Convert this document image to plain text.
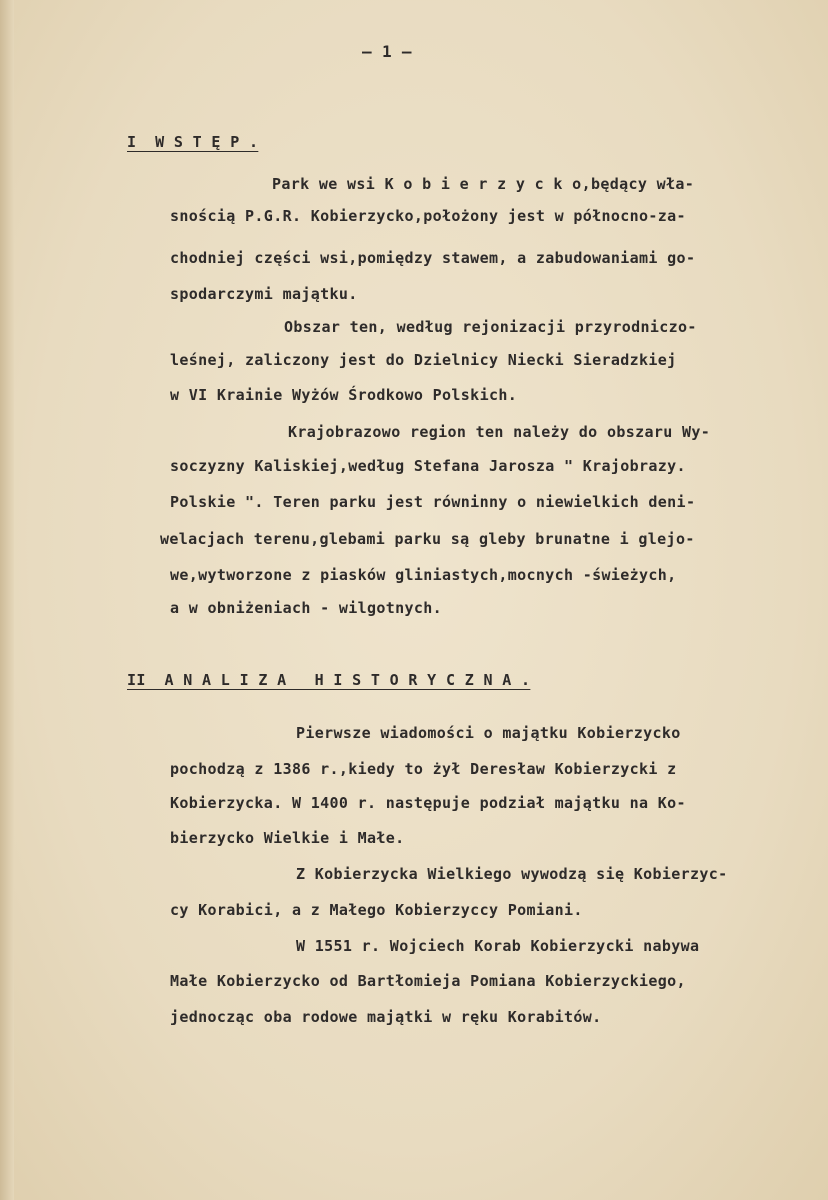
— 1 —
I  W S T Ę P .
Park we wsi K o b i e r z y c k o,będący wła-
snością P.G.R. Kobierzycko,położony jest w północno-za-
chodniej części wsi,pomiędzy stawem, a zabudowaniami go-
spodarczymi majątku.
Obszar ten, według rejonizacji przyrodniczo-
leśnej, zaliczony jest do Dzielnicy Niecki Sieradzkiej
w VI Krainie Wyżów Środkowo Polskich.
Krajobrazowo region ten należy do obszaru Wy-
soczyzny Kaliskiej,według Stefana Jarosza " Krajobrazy.
Polskie ". Teren parku jest równinny o niewielkich deni-
welacjach terenu,glebami parku są gleby brunatne i glejo-
we,wytworzone z piasków gliniastych,mocnych -świeżych,
a w obniżeniach - wilgotnych.
II  A N A L I Z A   H I S T O R Y C Z N A .
Pierwsze wiadomości o majątku Kobierzycko
pochodzą z 1386 r.,kiedy to żył Deresław Kobierzycki z
Kobierzycka. W 1400 r. następuje podział majątku na Ko-
bierzycko Wielkie i Małe.
Z Kobierzycka Wielkiego wywodzą się Kobierzyc-
cy Korabici, a z Małego Kobierzyccy Pomiani.
W 1551 r. Wojciech Korab Kobierzycki nabywa
Małe Kobierzycko od Bartłomieja Pomiana Kobierzyckiego,
jednocząc oba rodowe majątki w ręku Korabitów.
